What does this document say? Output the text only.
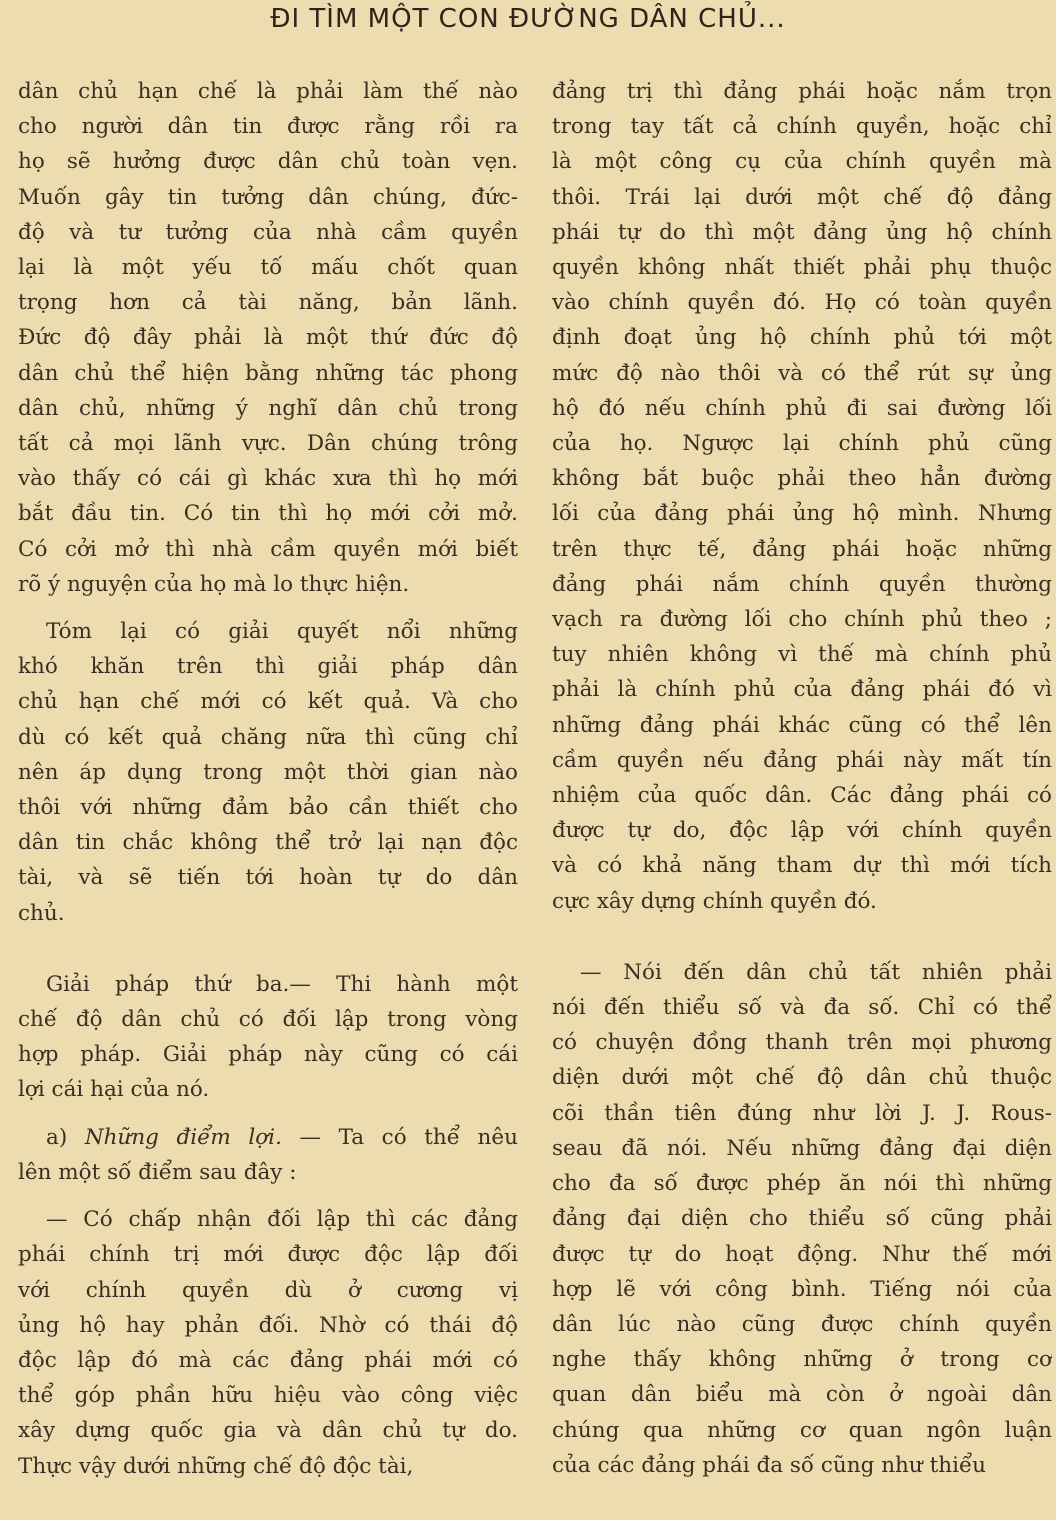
ĐI TÌM MỘT CON ĐƯỜNG DÂN CHỦ...
dân chủ hạn chế là phải làm thế nào
cho người dân tin được rằng rồi ra
họ sẽ hưởng được dân chủ toàn vẹn.
Muốn gây tin tưởng dân chúng, đức-
độ và tư tưởng của nhà cầm quyền
lại là một yếu tố mấu chốt quan
trọng hơn cả tài năng, bản lãnh.
Đức độ đây phải là một thứ đức độ
dân chủ thể hiện bằng những tác phong
dân chủ, những ý nghĩ dân chủ trong
tất cả mọi lãnh vực. Dân chúng trông
vào thấy có cái gì khác xưa thì họ mới
bắt đầu tin. Có tin thì họ mới cởi mở.
Có cởi mở thì nhà cầm quyền mới biết
rõ ý nguyện của họ mà lo thực hiện.
Tóm lại có giải quyết nổi những
khó khăn trên thì giải pháp dân
chủ hạn chế mới có kết quả. Và cho
dù có kết quả chăng nữa thì cũng chỉ
nên áp dụng trong một thời gian nào
thôi với những đảm bảo cần thiết cho
dân tin chắc không thể trở lại nạn độc
tài, và sẽ tiến tới hoàn tự do dân
chủ.
Giải pháp thứ ba.— Thi hành một
chế độ dân chủ có đối lập trong vòng
hợp pháp. Giải pháp này cũng có cái
lợi cái hại của nó.
a) Những điểm lợi. — Ta có thể nêu
lên một số điểm sau đây :
— Có chấp nhận đối lập thì các đảng
phái chính trị mới được độc lập đối
với chính quyền dù ở cương vị
ủng hộ hay phản đối. Nhờ có thái độ
độc lập đó mà các đảng phái mới có
thể góp phần hữu hiệu vào công việc
xây dựng quốc gia và dân chủ tự do.
Thực vậy dưới những chế độ độc tài,
đảng trị thì đảng phái hoặc nắm trọn
trong tay tất cả chính quyền, hoặc chỉ
là một công cụ của chính quyền mà
thôi. Trái lại dưới một chế độ đảng
phái tự do thì một đảng ủng hộ chính
quyền không nhất thiết phải phụ thuộc
vào chính quyền đó. Họ có toàn quyền
định đoạt ủng hộ chính phủ tới một
mức độ nào thôi và có thể rút sự ủng
hộ đó nếu chính phủ đi sai đường lối
của họ. Ngược lại chính phủ cũng
không bắt buộc phải theo hẳn đường
lối của đảng phái ủng hộ mình. Nhưng
trên thực tế, đảng phái hoặc những
đảng phái nắm chính quyền thường
vạch ra đường lối cho chính phủ theo ;
tuy nhiên không vì thế mà chính phủ
phải là chính phủ của đảng phái đó vì
những đảng phái khác cũng có thể lên
cầm quyền nếu đảng phái này mất tín
nhiệm của quốc dân. Các đảng phái có
được tự do, độc lập với chính quyền
và có khả năng tham dự thì mới tích
cực xây dựng chính quyền đó.
— Nói đến dân chủ tất nhiên phải
nói đến thiểu số và đa số. Chỉ có thể
có chuyện đồng thanh trên mọi phương
diện dưới một chế độ dân chủ thuộc
cõi thần tiên đúng như lời J. J. Rous-
seau đã nói. Nếu những đảng đại diện
cho đa số được phép ăn nói thì những
đảng đại diện cho thiểu số cũng phải
được tự do hoạt động. Như thế mới
hợp lẽ với công bình. Tiếng nói của
dân lúc nào cũng được chính quyền
nghe thấy không những ở trong cơ
quan dân biểu mà còn ở ngoài dân
chúng qua những cơ quan ngôn luận
của các đảng phái đa số cũng như thiểu
